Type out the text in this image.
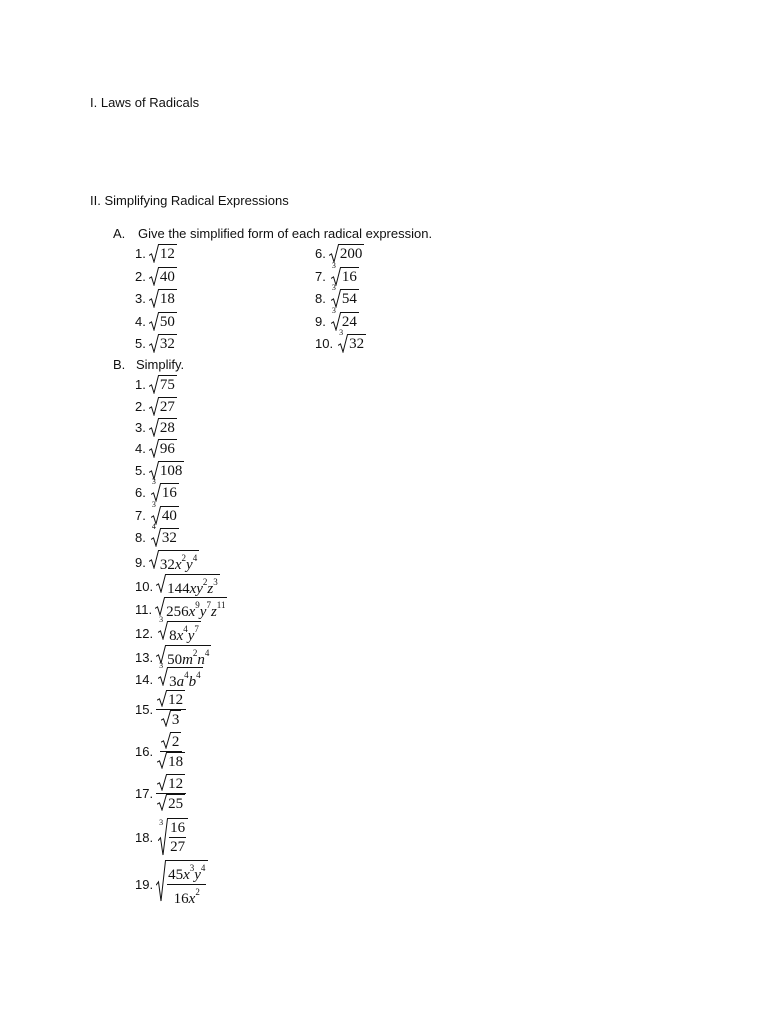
I. Laws of Radicals
II. Simplifying Radical Expressions
A. Give the simplified form of each radical expression.
1. 12
2. 40
3. 18
4. 50
5. 32
6. 200
7.
3
16
8.
3
54
9.
3
24
10.
3
32
B. Simplify.
1. 75
2. 27
3. 28
4. 96
5. 108
6.
3
16
7.
3
40
8.
4
32
9. $32x^2y^4$
10. $144xy^2z^3$
11. $256x^9y^7z^{11}$
12.
3
$8x^4y^7$
13. $50m^2n^4$
14.
3
$3a^4b^4$
15. $\frac{12}{3}$
16. $\frac{2}{18}$
17. $\frac{12}{25}$
18.
$3 \frac{16}{27}$
19. $\frac{45x^3y^4}{16x^2}$
